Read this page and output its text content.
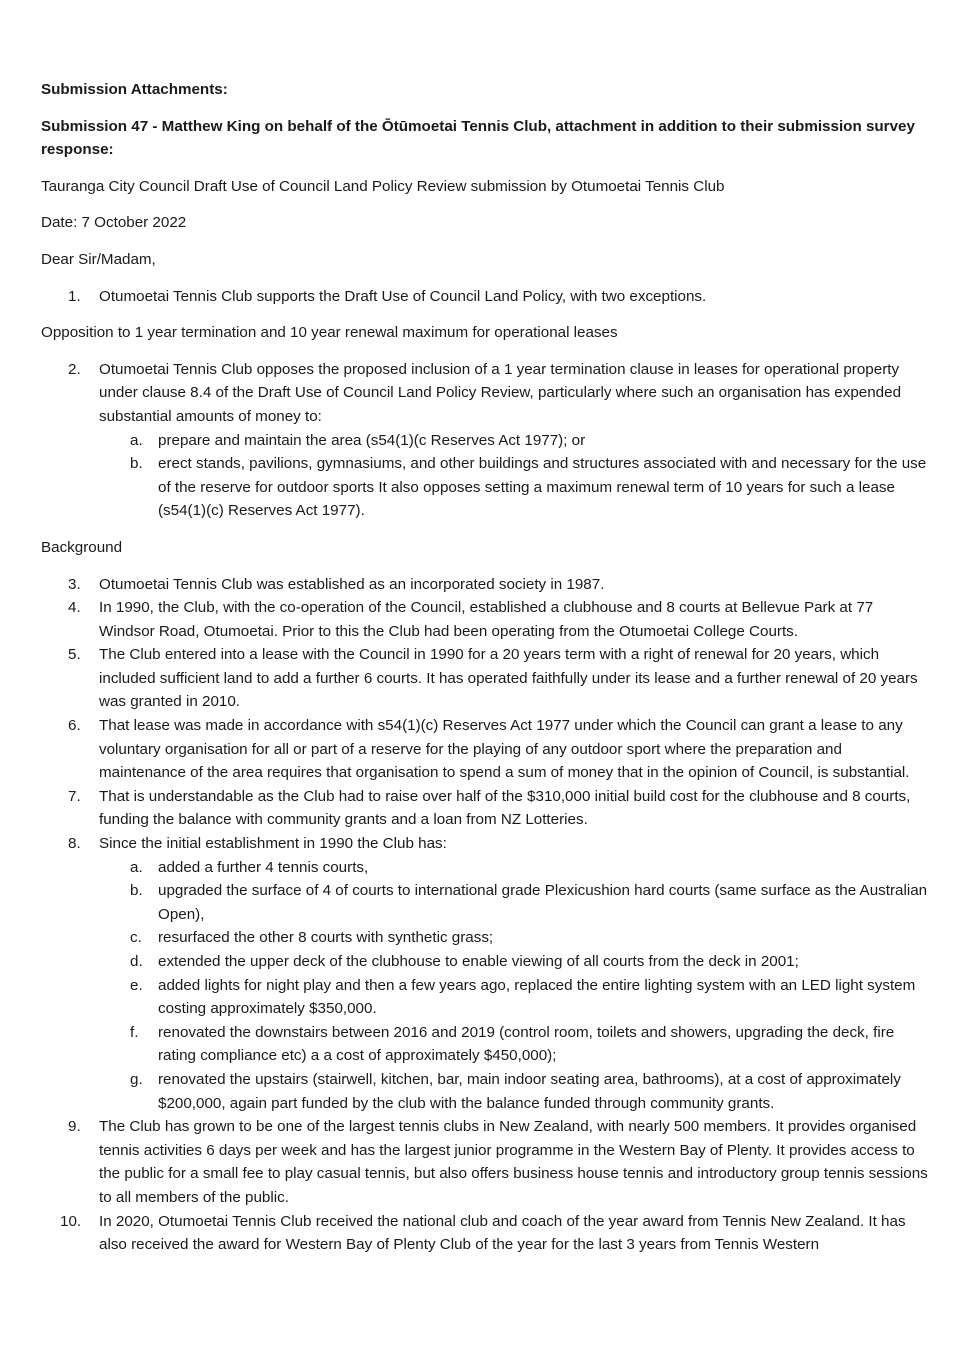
Submission Attachments:

Submission 47 - Matthew King on behalf of the Ōtūmoetai Tennis Club, attachment in addition to their submission survey response:

Tauranga City Council Draft Use of Council Land Policy Review submission by Otumoetai Tennis Club

Date: 7 October 2022

Dear Sir/Madam,

1.	Otumoetai Tennis Club supports the Draft Use of Council Land Policy, with two exceptions.

Opposition to 1 year termination and 10 year renewal maximum for operational leases

2.	Otumoetai Tennis Club opposes the proposed inclusion of a 1 year termination clause in leases for operational property under clause 8.4 of the Draft Use of Council Land Policy Review, particularly where such an organisation has expended substantial amounts of money to:
a.	prepare and maintain the area (s54(1)(c Reserves Act 1977); or
b.	erect stands, pavilions, gymnasiums, and other buildings and structures associated with and necessary for the use of the reserve for outdoor sports It also opposes setting a maximum renewal term of 10 years for such a lease (s54(1)(c) Reserves Act 1977).

Background

3.	Otumoetai Tennis Club was established as an incorporated society in 1987.
4.	In 1990, the Club, with the co-operation of the Council, established a clubhouse and 8 courts at Bellevue Park at 77 Windsor Road, Otumoetai. Prior to this the Club had been operating from the Otumoetai College Courts.
5.	The Club entered into a lease with the Council in 1990 for a 20 years term with a right of renewal for 20 years, which included sufficient land to add a further 6 courts. It has operated faithfully under its lease and a further renewal of 20 years was granted in 2010.
6.	That lease was made in accordance with s54(1)(c) Reserves Act 1977 under which the Council can grant a lease to any voluntary organisation for all or part of a reserve for the playing of any outdoor sport where the preparation and maintenance of the area requires that organisation to spend a sum of money that in the opinion of Council, is substantial.
7.	That is understandable as the Club had to raise over half of the $310,000 initial build cost for the clubhouse and 8 courts, funding the balance with community grants and a loan from NZ Lotteries.
8.	Since the initial establishment in 1990 the Club has:
a.	added a further 4 tennis courts,
b.	upgraded the surface of 4 of courts to international grade Plexicushion hard courts (same surface as the Australian Open),
c.	resurfaced the other 8 courts with synthetic grass;
d.	extended the upper deck of the clubhouse to enable viewing of all courts from the deck in 2001;
e.	added lights for night play and then a few years ago, replaced the entire lighting system with an LED light system costing approximately $350,000.
f.	renovated the downstairs between 2016 and 2019 (control room, toilets and showers, upgrading the deck, fire rating compliance etc) a a cost of approximately $450,000);
g.	renovated the upstairs (stairwell, kitchen, bar, main indoor seating area, bathrooms), at a cost of approximately $200,000, again part funded by the club with the balance funded through community grants.
9.	The Club has grown to be one of the largest tennis clubs in New Zealand, with nearly 500 members. It provides organised tennis activities 6 days per week and has the largest junior programme in the Western Bay of Plenty. It provides access to the public for a small fee to play casual tennis, but also offers business house tennis and introductory group tennis sessions to all members of the public.
10. In 2020, Otumoetai Tennis Club received the national club and coach of the year award from Tennis New Zealand. It has also received the award for Western Bay of Plenty Club of the year for the last 3 years from Tennis Western
